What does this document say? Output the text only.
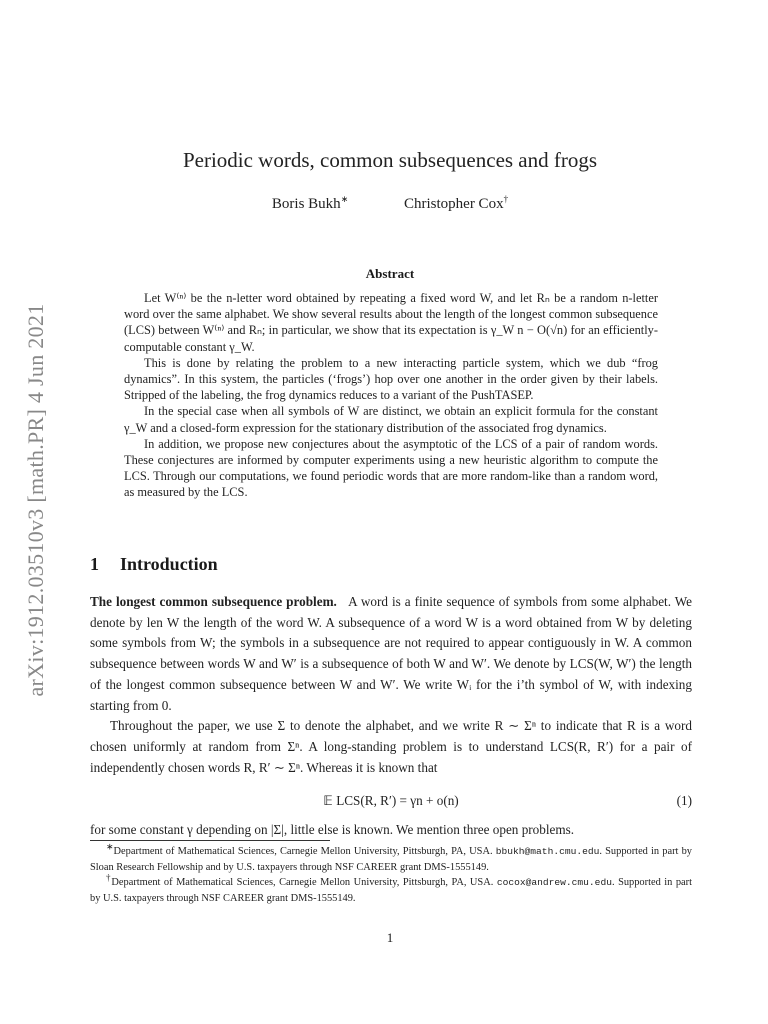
arXiv:1912.03510v3 [math.PR] 4 Jun 2021
Periodic words, common subsequences and frogs
Boris Bukh∗	Christopher Cox†
Abstract

Let W⁽ⁿ⁾ be the n-letter word obtained by repeating a fixed word W, and let Rₙ be a random n-letter word over the same alphabet. We show several results about the length of the longest common subsequence (LCS) between W⁽ⁿ⁾ and Rₙ; in particular, we show that its expectation is γ_W n − O(√n) for an efficiently-computable constant γ_W.

This is done by relating the problem to a new interacting particle system, which we dub “frog dynamics”. In this system, the particles (‘frogs’) hop over one another in the order given by their labels. Stripped of the labeling, the frog dynamics reduces to a variant of the PushTASEP.

In the special case when all symbols of W are distinct, we obtain an explicit formula for the constant γ_W and a closed-form expression for the stationary distribution of the associated frog dynamics.

In addition, we propose new conjectures about the asymptotic of the LCS of a pair of random words. These conjectures are informed by computer experiments using a new heuristic algorithm to compute the LCS. Through our computations, we found periodic words that are more random-like than a random word, as measured by the LCS.

1 Introduction

The longest common subsequence problem. A word is a finite sequence of symbols from some alphabet. We denote by len W the length of the word W. A subsequence of a word W is a word obtained from W by deleting some symbols from W; the symbols in a subsequence are not required to appear contiguously in W. A common subsequence between words W and W′ is a subsequence of both W and W′. We denote by LCS(W, W′) the length of the longest common subsequence between W and W′. We write Wᵢ for the i’th symbol of W, with indexing starting from 0.

Throughout the paper, we use Σ to denote the alphabet, and we write R ∼ Σⁿ to indicate that R is a word chosen uniformly at random from Σⁿ. A long-standing problem is to understand LCS(R, R′) for a pair of independently chosen words R, R′ ∼ Σⁿ. Whereas it is known that

𝔼 LCS(R, R′) = γn + o(n)	(1)

for some constant γ depending on |Σ|, little else is known. We mention three open problems.

∗Department of Mathematical Sciences, Carnegie Mellon University, Pittsburgh, PA, USA. bbukh@math.cmu.edu. Supported in part by Sloan Research Fellowship and by U.S. taxpayers through NSF CAREER grant DMS-1555149.

†Department of Mathematical Sciences, Carnegie Mellon University, Pittsburgh, PA, USA. cocox@andrew.cmu.edu. Supported in part by U.S. taxpayers through NSF CAREER grant DMS-1555149.

1
